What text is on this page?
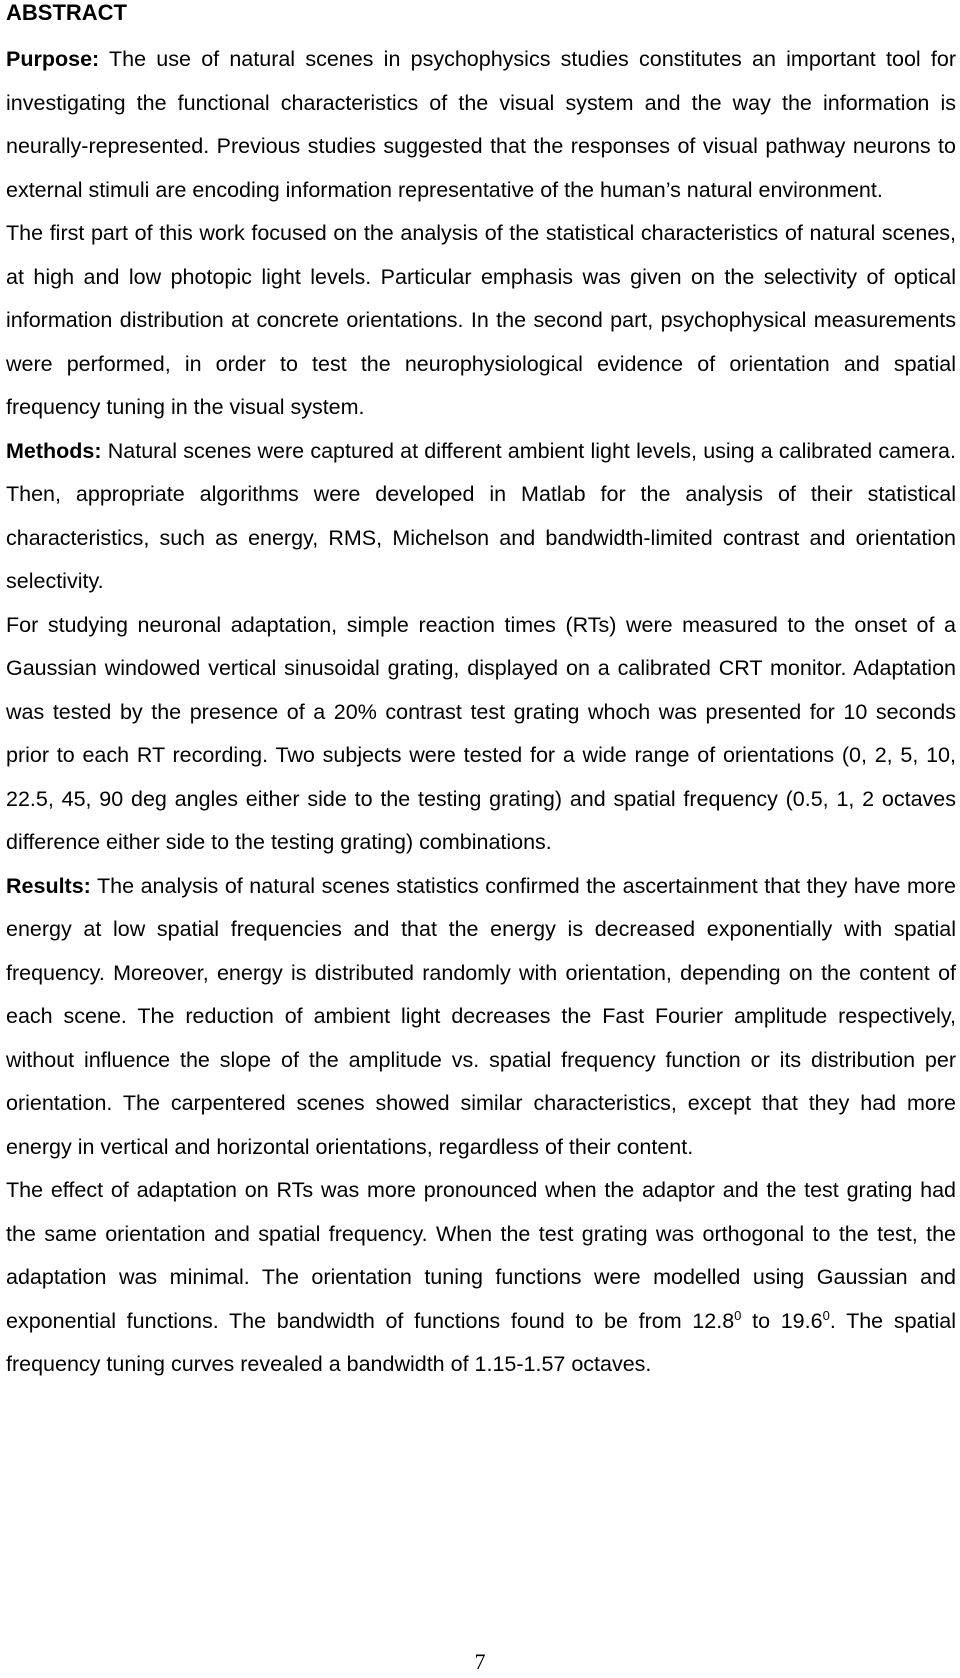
ABSTRACT

Purpose: The use of natural scenes in psychophysics studies constitutes an important tool for investigating the functional characteristics of the visual system and the way the information is neurally-represented. Previous studies suggested that the responses of visual pathway neurons to external stimuli are encoding information representative of the human’s natural environment.

The first part of this work focused on the analysis of the statistical characteristics of natural scenes, at high and low photopic light levels. Particular emphasis was given on the selectivity of optical information distribution at concrete orientations. In the second part, psychophysical measurements were performed, in order to test the neurophysiological evidence of orientation and spatial frequency tuning in the visual system.

Methods: Natural scenes were captured at different ambient light levels, using a calibrated camera. Then, appropriate algorithms were developed in Matlab for the analysis of their statistical characteristics, such as energy, RMS, Michelson and bandwidth-limited contrast and orientation selectivity.

For studying neuronal adaptation, simple reaction times (RTs) were measured to the onset of a Gaussian windowed vertical sinusoidal grating, displayed on a calibrated CRT monitor. Adaptation was tested by the presence of a 20% contrast test grating whoch was presented for 10 seconds prior to each RT recording. Two subjects were tested for a wide range of orientations (0, 2, 5, 10, 22.5, 45, 90 deg angles either side to the testing grating) and spatial frequency (0.5, 1, 2 octaves difference either side to the testing grating) combinations.

Results: The analysis of natural scenes statistics confirmed the ascertainment that they have more energy at low spatial frequencies and that the energy is decreased exponentially with spatial frequency. Moreover, energy is distributed randomly with orientation, depending on the content of each scene. The reduction of ambient light decreases the Fast Fourier amplitude respectively, without influence the slope of the amplitude vs. spatial frequency function or its distribution per orientation. The carpentered scenes showed similar characteristics, except that they had more energy in vertical and horizontal orientations, regardless of their content.

The effect of adaptation on RTs was more pronounced when the adaptor and the test grating had the same orientation and spatial frequency. When the test grating was orthogonal to the test, the adaptation was minimal. The orientation tuning functions were modelled using Gaussian and exponential functions. The bandwidth of functions found to be from 12.8$^0$ to 19.6$^0$. The spatial frequency tuning curves revealed a bandwidth of 1.15-1.57 octaves.

7
